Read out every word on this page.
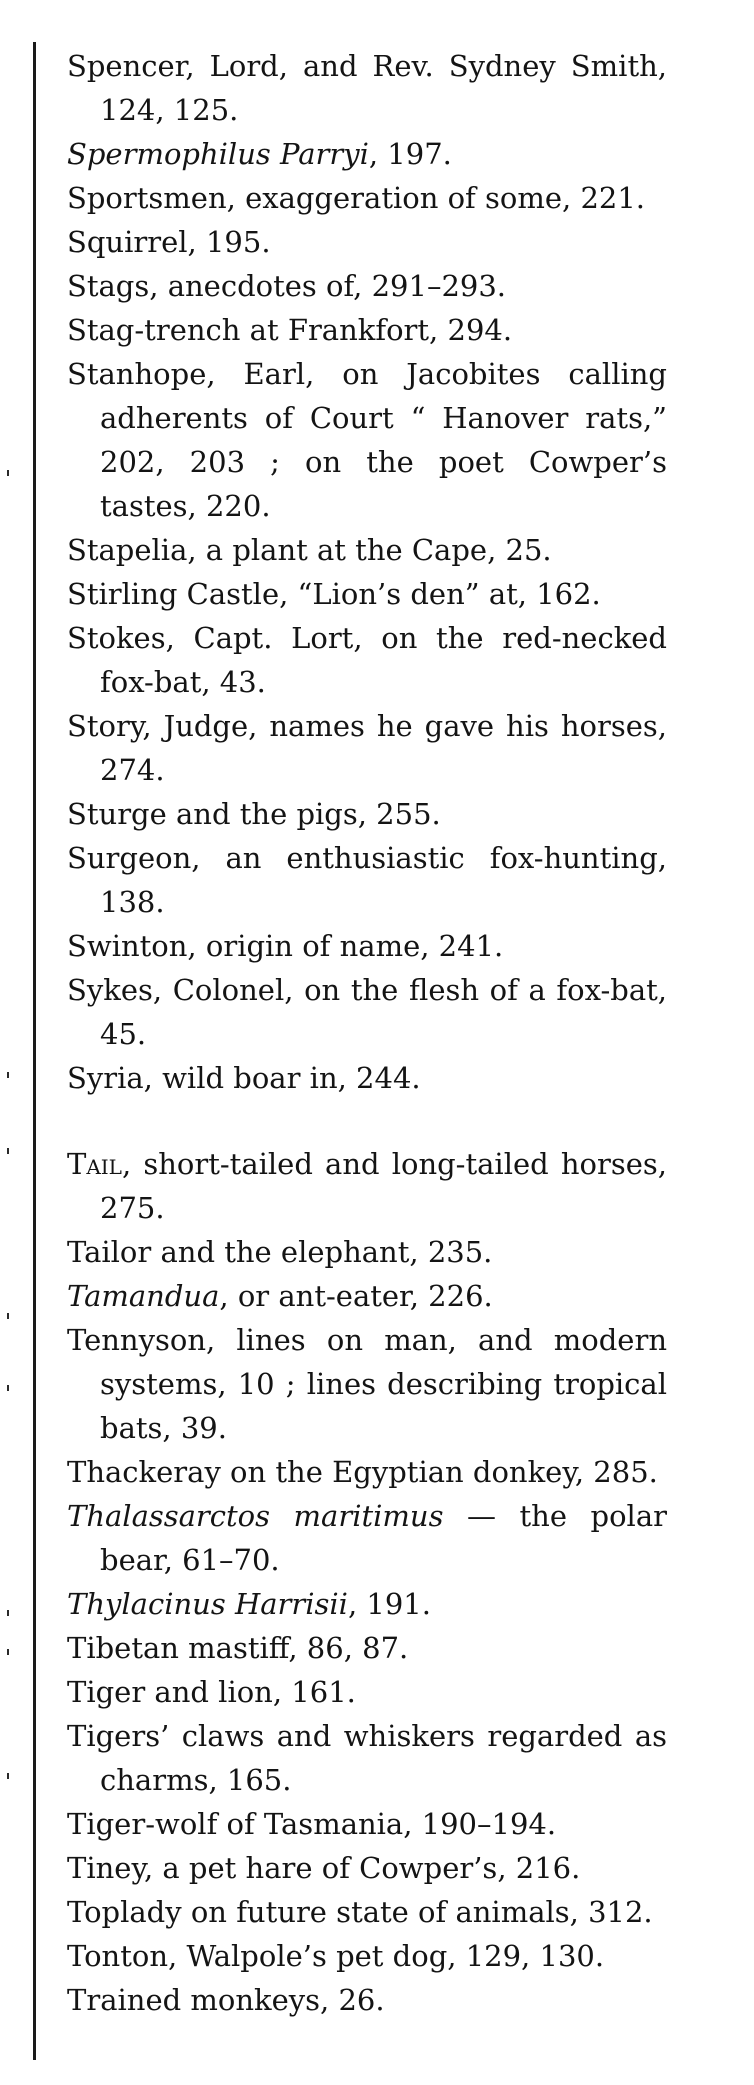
Spencer, Lord, and Rev. Sydney Smith, 124, 125.
Spermophilus Parryi, 197.
Sportsmen, exaggeration of some, 221.
Squirrel, 195.
Stags, anecdotes of, 291–293.
Stag-trench at Frankfort, 294.
Stanhope, Earl, on Jacobites calling adherents of Court “ Hanover rats,” 202, 203 ; on the poet Cowper’s tastes, 220.
Stapelia, a plant at the Cape, 25.
Stirling Castle, “Lion’s den” at, 162.
Stokes, Capt. Lort, on the red-necked fox-bat, 43.
Story, Judge, names he gave his horses, 274.
Sturge and the pigs, 255.
Surgeon, an enthusiastic fox-hunting, 138.
Swinton, origin of name, 241.
Sykes, Colonel, on the flesh of a fox-bat, 45.
Syria, wild boar in, 244.
Tail, short-tailed and long-tailed horses, 275.
Tailor and the elephant, 235.
Tamandua, or ant-eater, 226.
Tennyson, lines on man, and modern systems, 10 ; lines describing tropical bats, 39.
Thackeray on the Egyptian donkey, 285.
Thalassarctos maritimus — the polar bear, 61–70.
Thylacinus Harrisii, 191.
Tibetan mastiff, 86, 87.
Tiger and lion, 161.
Tigers’ claws and whiskers regarded as charms, 165.
Tiger-wolf of Tasmania, 190–194.
Tiney, a pet hare of Cowper’s, 216.
Toplady on future state of animals, 312.
Tonton, Walpole’s pet dog, 129, 130.
Trained monkeys, 26.
